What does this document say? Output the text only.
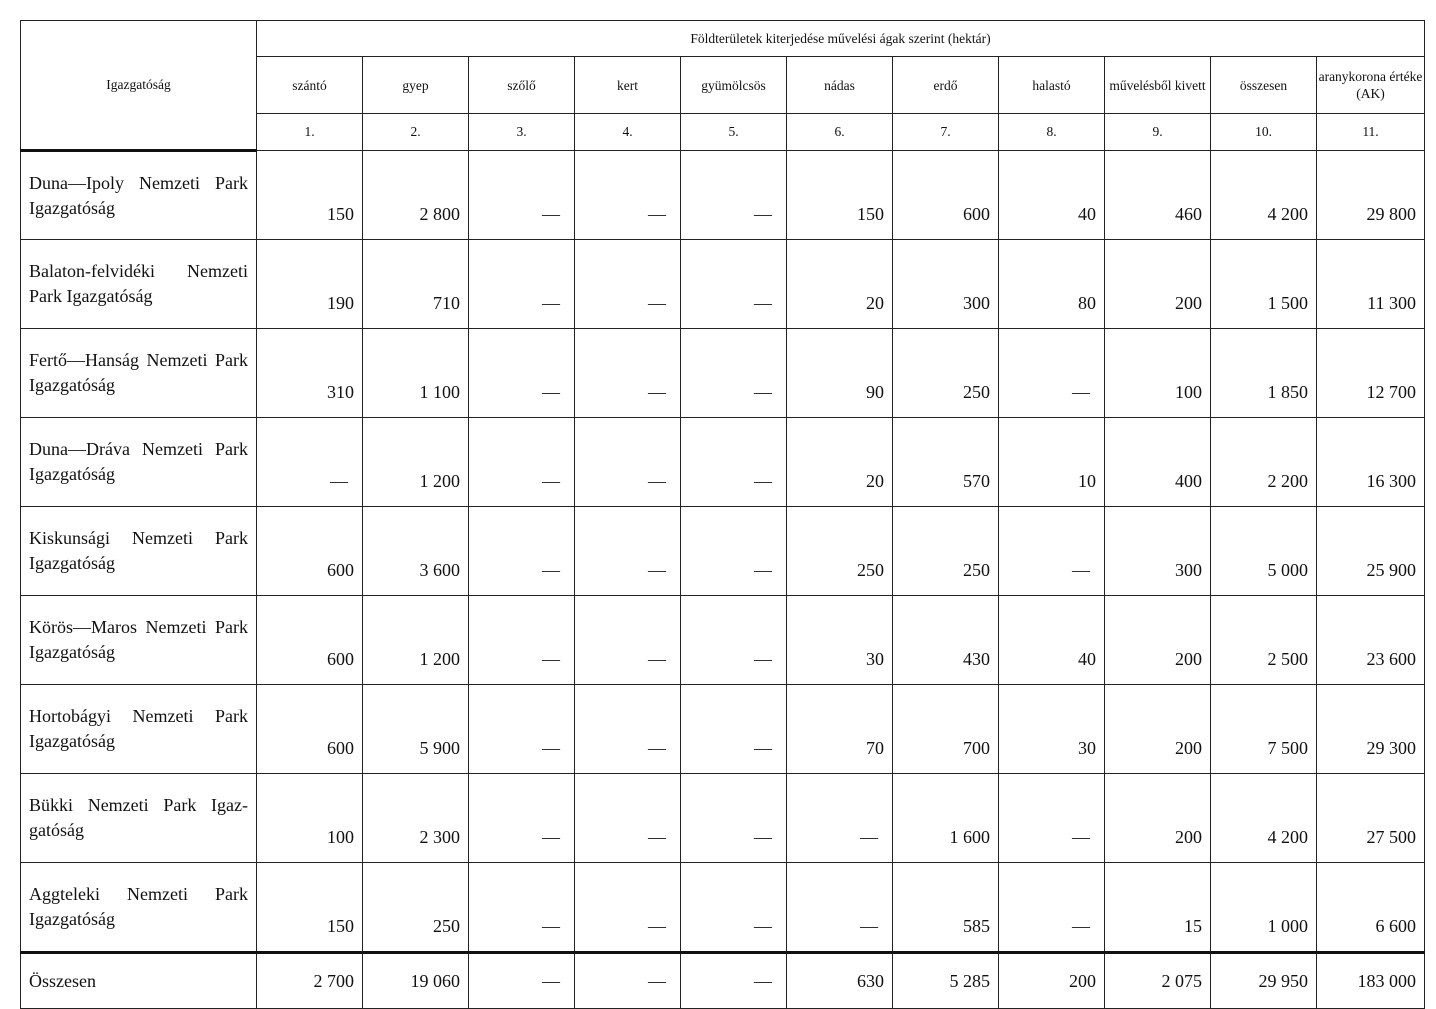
Igazgatóság	Földterületek kiterjedése művelési ágak szerint (hektár)										
	szántó	gyep	szőlő	kert	gyümölcsös	nádas	erdő	halastó	művelésből kivett	összesen	aranykorona értéke (AK)
	1.	2.	3.	4.	5.	6.	7.	8.	9.	10.	11.
Duna—Ipoly Nemzeti Park Igazgatóság	150	2 800	—	—	—	150	600	40	460	4 200	29 800
Balaton-felvidéki Nemzeti Park Igazgatóság	190	710	—	—	—	20	300	80	200	1 500	11 300
Fertő—Hanság Nemzeti Park Igazgatóság	310	1 100	—	—	—	90	250	—	100	1 850	12 700
Duna—Dráva Nemzeti Park Igazgatóság	—	1 200	—	—	—	20	570	10	400	2 200	16 300
Kiskunsági Nemzeti Park Igazgatóság	600	3 600	—	—	—	250	250	—	300	5 000	25 900
Körös—Maros Nemzeti Park Igazgatóság	600	1 200	—	—	—	30	430	40	200	2 500	23 600
Hortobágyi Nemzeti Park Igazgatóság	600	5 900	—	—	—	70	700	30	200	7 500	29 300
Bükki Nemzeti Park Igaz-gatóság	100	2 300	—	—	—	—	1 600	—	200	4 200	27 500
Aggteleki Nemzeti Park Igazgatóság	150	250	—	—	—	—	585	—	15	1 000	6 600
Összesen	2 700	19 060	—	—	—	630	5 285	200	2 075	29 950	183 000
